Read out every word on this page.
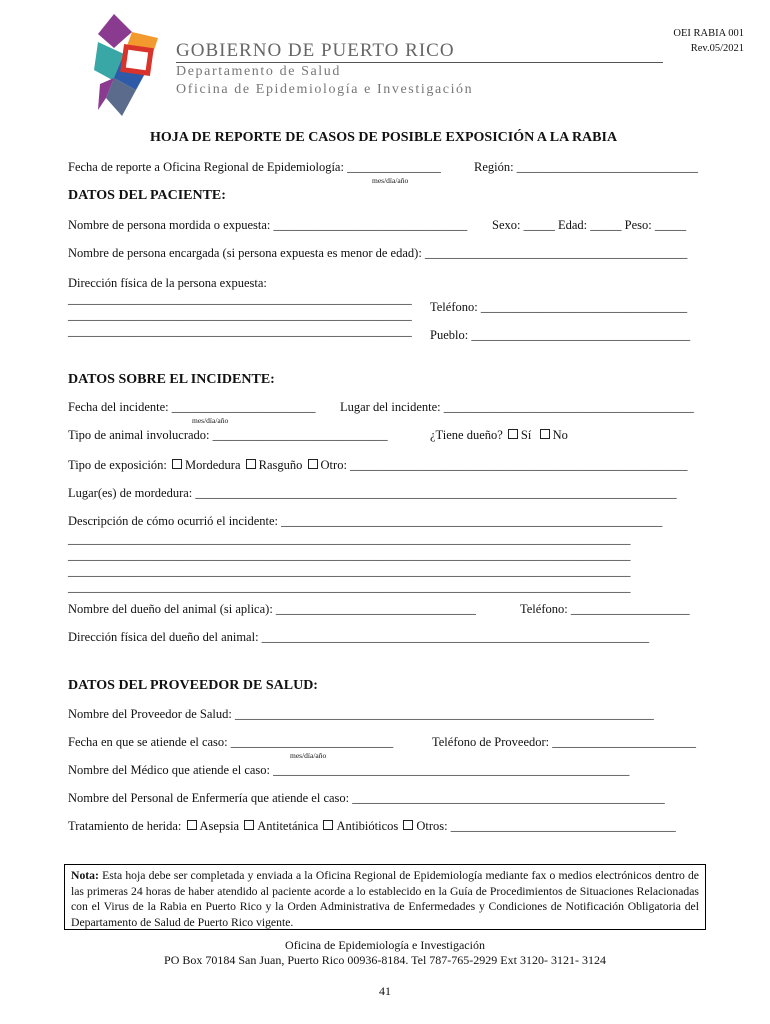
GOBIERNO DE PUERTO RICO
Departamento de Salud
Oficina de Epidemiología e Investigación
OEI RABIA 001
Rev.05/2021
HOJA DE REPORTE DE CASOS DE POSIBLE EXPOSICIÓN A LA RABIA
Fecha de reporte a Oficina Regional de Epidemiología: _______________	Región: _____________________________
mes/día/año
DATOS DEL PACIENTE:
Nombre de persona mordida o expuesta: _______________________________ Sexo: _____ Edad: _____ Peso: _____
Nombre de persona encargada (si persona expuesta es menor de edad): __________________________________________
Dirección física de la persona expuesta:
_______________________________________________________
_______________________________________________________
_______________________________________________________
Teléfono: _________________________________
Pueblo: ___________________________________
DATOS SOBRE EL INCIDENTE:
Fecha del incidente: _______________________ Lugar del incidente: ________________________________________
mes/día/año
Tipo de animal involucrado: ____________________________	¿Tiene dueño? Sí No
Tipo de exposición: Mordedura Rasguño Otro: ______________________________________________________
Lugar(es) de mordedura: _____________________________________________________________________________
Descripción de cómo ocurrió el incidente: _____________________________________________________________
__________________________________________________________________________________________
__________________________________________________________________________________________
__________________________________________________________________________________________
__________________________________________________________________________________________
Nombre del dueño del animal (si aplica): ________________________________	Teléfono: ___________________
Dirección física del dueño del animal: ______________________________________________________________
DATOS DEL PROVEEDOR DE SALUD:
Nombre del Proveedor de Salud: ___________________________________________________________________
Fecha en que se atiende el caso: __________________________
mes/día/año
Teléfono de Proveedor: _______________________
Nombre del Médico que atiende el caso: _________________________________________________________
Nombre del Personal de Enfermería que atiende el caso: __________________________________________________
Tratamiento de herida: Asepsia Antitetánica Antibióticos Otros: ____________________________________
Nota: Esta hoja debe ser completada y enviada a la Oficina Regional de Epidemiología mediante fax o medios electrónicos dentro de las primeras 24 horas de haber atendido al paciente acorde a lo establecido en la Guía de Procedimientos de Situaciones Relacionadas con el Virus de la Rabia en Puerto Rico y la Orden Administrativa de Enfermedades y Condiciones de Notificación Obligatoria del Departamento de Salud de Puerto Rico vigente.
Oficina de Epidemiología e Investigación
PO Box 70184 San Juan, Puerto Rico 00936-8184. Tel 787-765-2929 Ext 3120- 3121- 3124
41
